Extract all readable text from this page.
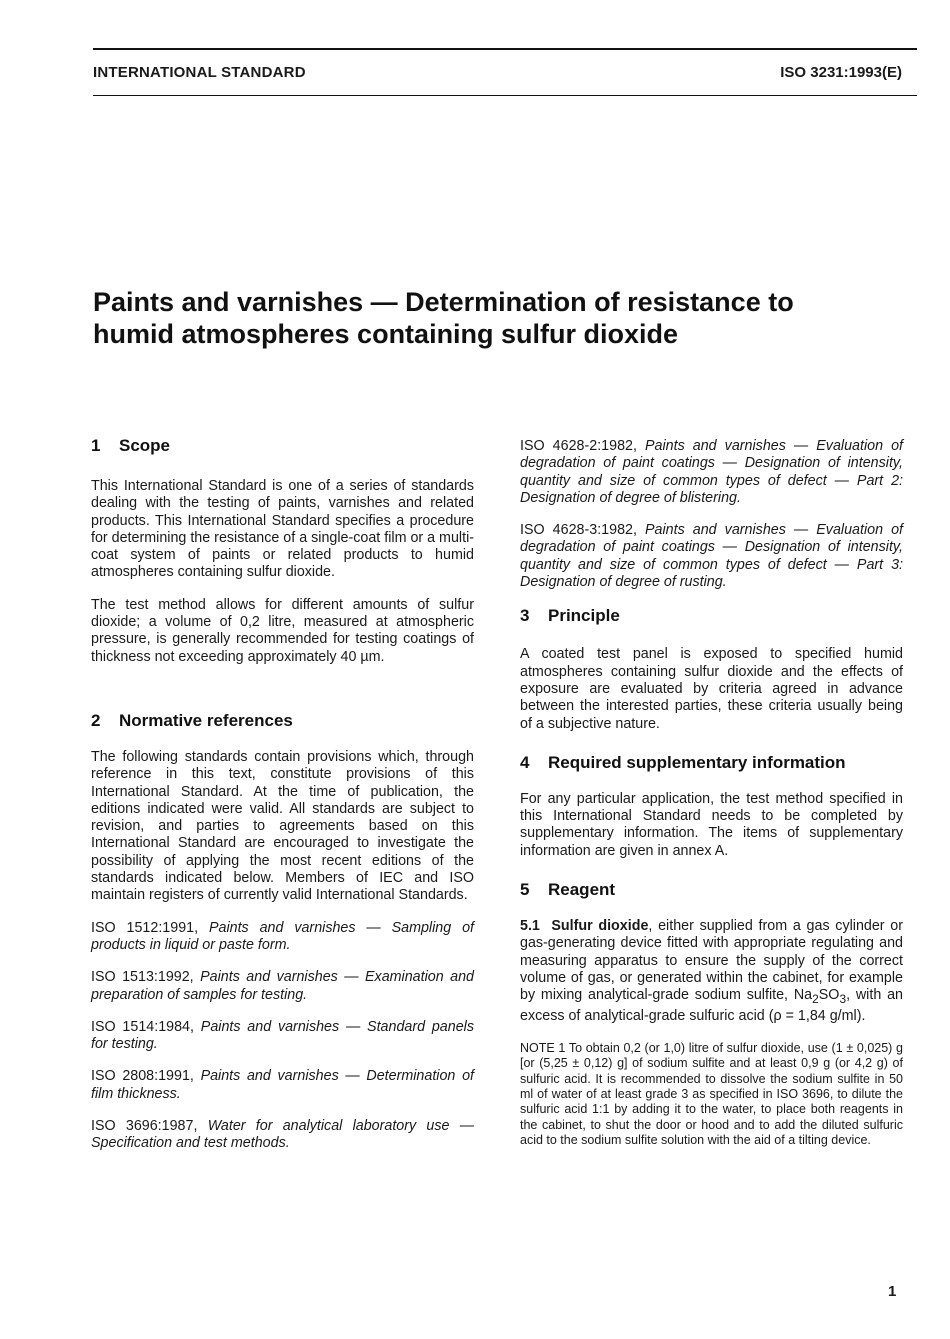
INTERNATIONAL STANDARD	ISO 3231:1993(E)
Paints and varnishes — Determination of resistance to
humid atmospheres containing sulfur dioxide
1 Scope

This International Standard is one of a series of standards dealing with the testing of paints, varnishes and related products. This International Standard specifies a procedure for determining the resistance of a single-coat film or a multi-coat system of paints or related products to humid atmospheres containing sulfur dioxide.

The test method allows for different amounts of sulfur dioxide; a volume of 0,2 litre, measured at atmospheric pressure, is generally recommended for testing coatings of thickness not exceeding approximately 40 µm.

2 Normative references

The following standards contain provisions which, through reference in this text, constitute provisions of this International Standard. At the time of publication, the editions indicated were valid. All standards are subject to revision, and parties to agreements based on this International Standard are encouraged to investigate the possibility of applying the most recent editions of the standards indicated below. Members of IEC and ISO maintain registers of currently valid International Standards.

ISO 1512:1991, Paints and varnishes — Sampling of products in liquid or paste form.

ISO 1513:1992, Paints and varnishes — Examination and preparation of samples for testing.

ISO 1514:1984, Paints and varnishes — Standard panels for testing.

ISO 2808:1991, Paints and varnishes — Determination of film thickness.

ISO 3696:1987, Water for analytical laboratory use — Specification and test methods.

ISO 4628-2:1982, Paints and varnishes — Evaluation of degradation of paint coatings — Designation of intensity, quantity and size of common types of defect — Part 2: Designation of degree of blistering.

ISO 4628-3:1982, Paints and varnishes — Evaluation of degradation of paint coatings — Designation of intensity, quantity and size of common types of defect — Part 3: Designation of degree of rusting.

3 Principle

A coated test panel is exposed to specified humid atmospheres containing sulfur dioxide and the effects of exposure are evaluated by criteria agreed in advance between the interested parties, these criteria usually being of a subjective nature.

4 Required supplementary information

For any particular application, the test method specified in this International Standard needs to be completed by supplementary information. The items of supplementary information are given in annex A.

5 Reagent

5.1 Sulfur dioxide, either supplied from a gas cylinder or gas-generating device fitted with appropriate regulating and measuring apparatus to ensure the supply of the correct volume of gas, or generated within the cabinet, for example by mixing analytical-grade sodium sulfite, $Na_2SO_3$, with an excess of analytical-grade sulfuric acid (ρ = 1,84 g/ml).

NOTE 1 To obtain 0,2 (or 1,0) litre of sulfur dioxide, use (1 ± 0,025) g [or (5,25 ± 0,12) g] of sodium sulfite and at least 0,9 g (or 4,2 g) of sulfuric acid. It is recommended to dissolve the sodium sulfite in 50 ml of water of at least grade 3 as specified in ISO 3696, to dilute the sulfuric acid 1:1 by adding it to the water, to place both reagents in the cabinet, to shut the door or hood and to add the diluted sulfuric acid to the sodium sulfite solution with the aid of a tilting device.

1
